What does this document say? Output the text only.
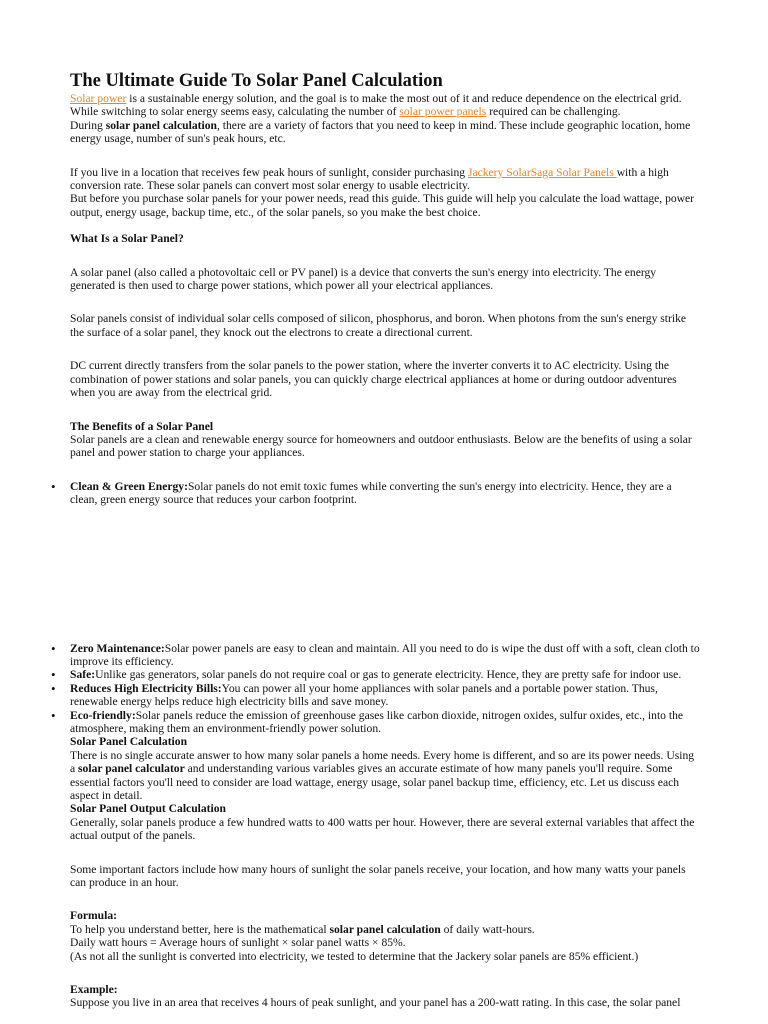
The Ultimate Guide To Solar Panel Calculation

Solar power is a sustainable energy solution, and the goal is to make the most out of it and reduce dependence on the electrical grid.
While switching to solar energy seems easy, calculating the number of solar power panels required can be challenging.
During solar panel calculation, there are a variety of factors that you need to keep in mind. These include geographic location, home energy usage, number of sun's peak hours, etc.

If you live in a location that receives few peak hours of sunlight, consider purchasing Jackery SolarSaga Solar Panels with a high conversion rate. These solar panels can convert most solar energy to usable electricity.
But before you purchase solar panels for your power needs, read this guide. This guide will help you calculate the load wattage, power output, energy usage, backup time, etc., of the solar panels, so you make the best choice.

What Is a Solar Panel?

A solar panel (also called a photovoltaic cell or PV panel) is a device that converts the sun's energy into electricity. The energy generated is then used to charge power stations, which power all your electrical appliances.

Solar panels consist of individual solar cells composed of silicon, phosphorus, and boron. When photons from the sun's energy strike the surface of a solar panel, they knock out the electrons to create a directional current.

DC current directly transfers from the solar panels to the power station, where the inverter converts it to AC electricity. Using the combination of power stations and solar panels, you can quickly charge electrical appliances at home or during outdoor adventures when you are away from the electrical grid.

The Benefits of a Solar Panel

Solar panels are a clean and renewable energy source for homeowners and outdoor enthusiasts. Below are the benefits of using a solar panel and power station to charge your appliances.

• Clean & Green Energy:Solar panels do not emit toxic fumes while converting the sun's energy into electricity. Hence, they are a clean, green energy source that reduces your carbon footprint.
• Zero Maintenance:Solar power panels are easy to clean and maintain. All you need to do is wipe the dust off with a soft, clean cloth to improve its efficiency.
• Safe:Unlike gas generators, solar panels do not require coal or gas to generate electricity. Hence, they are pretty safe for indoor use.
• Reduces High Electricity Bills:You can power all your home appliances with solar panels and a portable power station. Thus, renewable energy helps reduce high electricity bills and save money.
• Eco-friendly:Solar panels reduce the emission of greenhouse gases like carbon dioxide, nitrogen oxides, sulfur oxides, etc., into the atmosphere, making them an environment-friendly power solution.

Solar Panel Calculation

There is no single accurate answer to how many solar panels a home needs. Every home is different, and so are its power needs. Using a solar panel calculator and understanding various variables gives an accurate estimate of how many panels you'll require. Some essential factors you'll need to consider are load wattage, energy usage, solar panel backup time, efficiency, etc. Let us discuss each aspect in detail.

Solar Panel Output Calculation

Generally, solar panels produce a few hundred watts to 400 watts per hour. However, there are several external variables that affect the actual output of the panels.

Some important factors include how many hours of sunlight the solar panels receive, your location, and how many watts your panels can produce in an hour.

Formula:

To help you understand better, here is the mathematical solar panel calculation of daily watt-hours.
Daily watt hours = Average hours of sunlight × solar panel watts × 85%.
(As not all the sunlight is converted into electricity, we tested to determine that the Jackery solar panels are 85% efficient.)

Example:

Suppose you live in an area that receives 4 hours of peak sunlight, and your panel has a 200-watt rating. In this case, the solar panel
